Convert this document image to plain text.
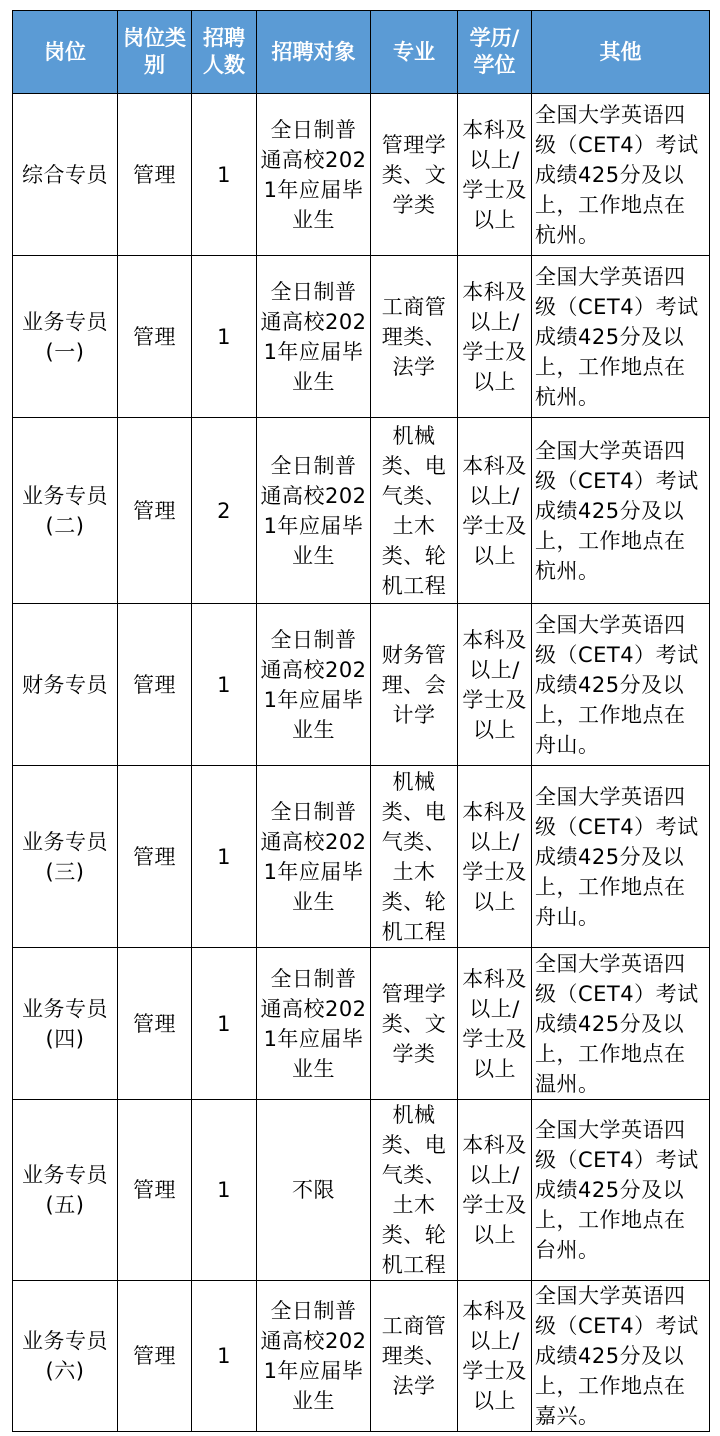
岗位	岗位类别	招聘人数	招聘对象	专业	学历/学位	其他
综合专员	管理	1	全日制普通高校2021年应届毕业生	管理学类、文学类	本科及以上/学士及以上	全国大学英语四级（CET4）考试成绩425分及以上，工作地点在杭州。
业务专员(一)	管理	1	全日制普通高校2021年应届毕业生	工商管理类、法学	本科及以上/学士及以上	全国大学英语四级（CET4）考试成绩425分及以上，工作地点在杭州。
业务专员(二)	管理	2	全日制普通高校2021年应届毕业生	机械类、电气类、土木类、轮机工程	本科及以上/学士及以上	全国大学英语四级（CET4）考试成绩425分及以上，工作地点在杭州。
财务专员	管理	1	全日制普通高校2021年应届毕业生	财务管理、会计学	本科及以上/学士及以上	全国大学英语四级（CET4）考试成绩425分及以上，工作地点在舟山。
业务专员(三)	管理	1	全日制普通高校2021年应届毕业生	机械类、电气类、土木类、轮机工程	本科及以上/学士及以上	全国大学英语四级（CET4）考试成绩425分及以上，工作地点在舟山。
业务专员(四)	管理	1	全日制普通高校2021年应届毕业生	管理学类、文学类	本科及以上/学士及以上	全国大学英语四级（CET4）考试成绩425分及以上，工作地点在温州。
业务专员(五)	管理	1	不限	机械类、电气类、土木类、轮机工程	本科及以上/学士及以上	全国大学英语四级（CET4）考试成绩425分及以上，工作地点在台州。
业务专员(六)	管理	1	全日制普通高校2021年应届毕业生	工商管理类、法学	本科及以上/学士及以上	全国大学英语四级（CET4）考试成绩425分及以上，工作地点在嘉兴。
